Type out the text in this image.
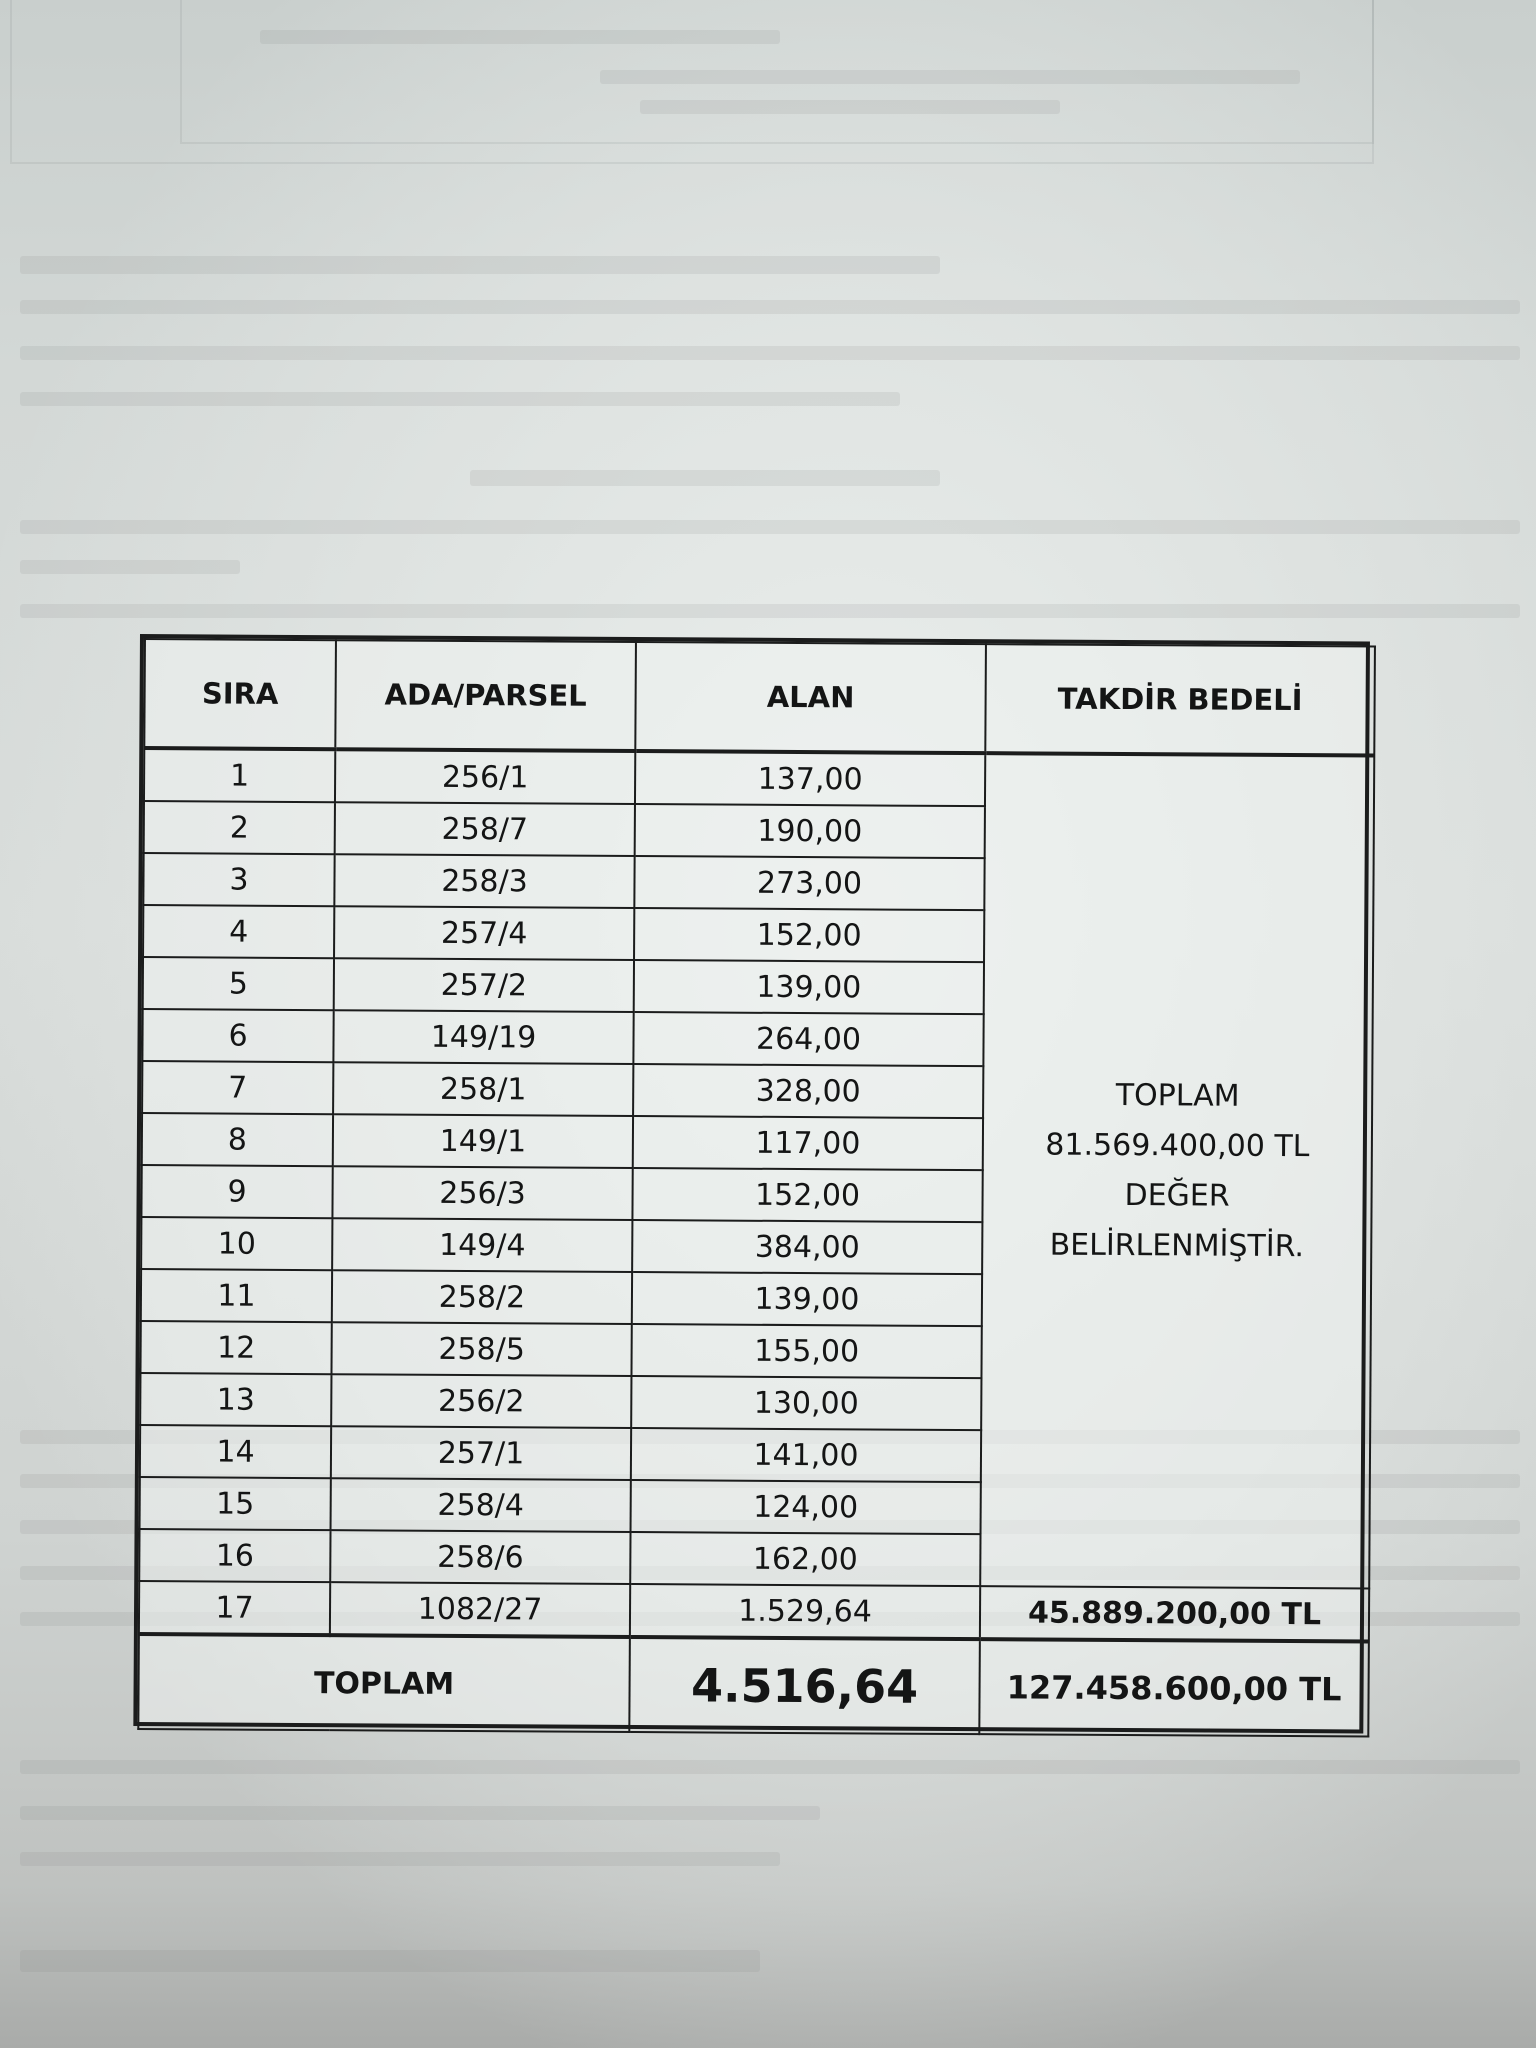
SIRA	ADA/PARSEL	ALAN	TAKDİR BEDELİ
1	256/1	137,00	TOPLAM
81.569.400,00 TL
DEĞER
BELİRLENMİŞTİR.

2	258/7	190,00	
3	258/3	273,00	
4	257/4	152,00	
5	257/2	139,00	
6	149/19	264,00	
7	258/1	328,00	
8	149/1	117,00	
9	256/3	152,00	
10	149/4	384,00	
11	258/2	139,00	
12	258/5	155,00	
13	256/2	130,00	
14	257/1	141,00	
15	258/4	124,00	
16	258/6	162,00	
17	1082/27	1.529,64	45.889.200,00 TL
TOPLAM		4.516,64	127.458.600,00 TL
